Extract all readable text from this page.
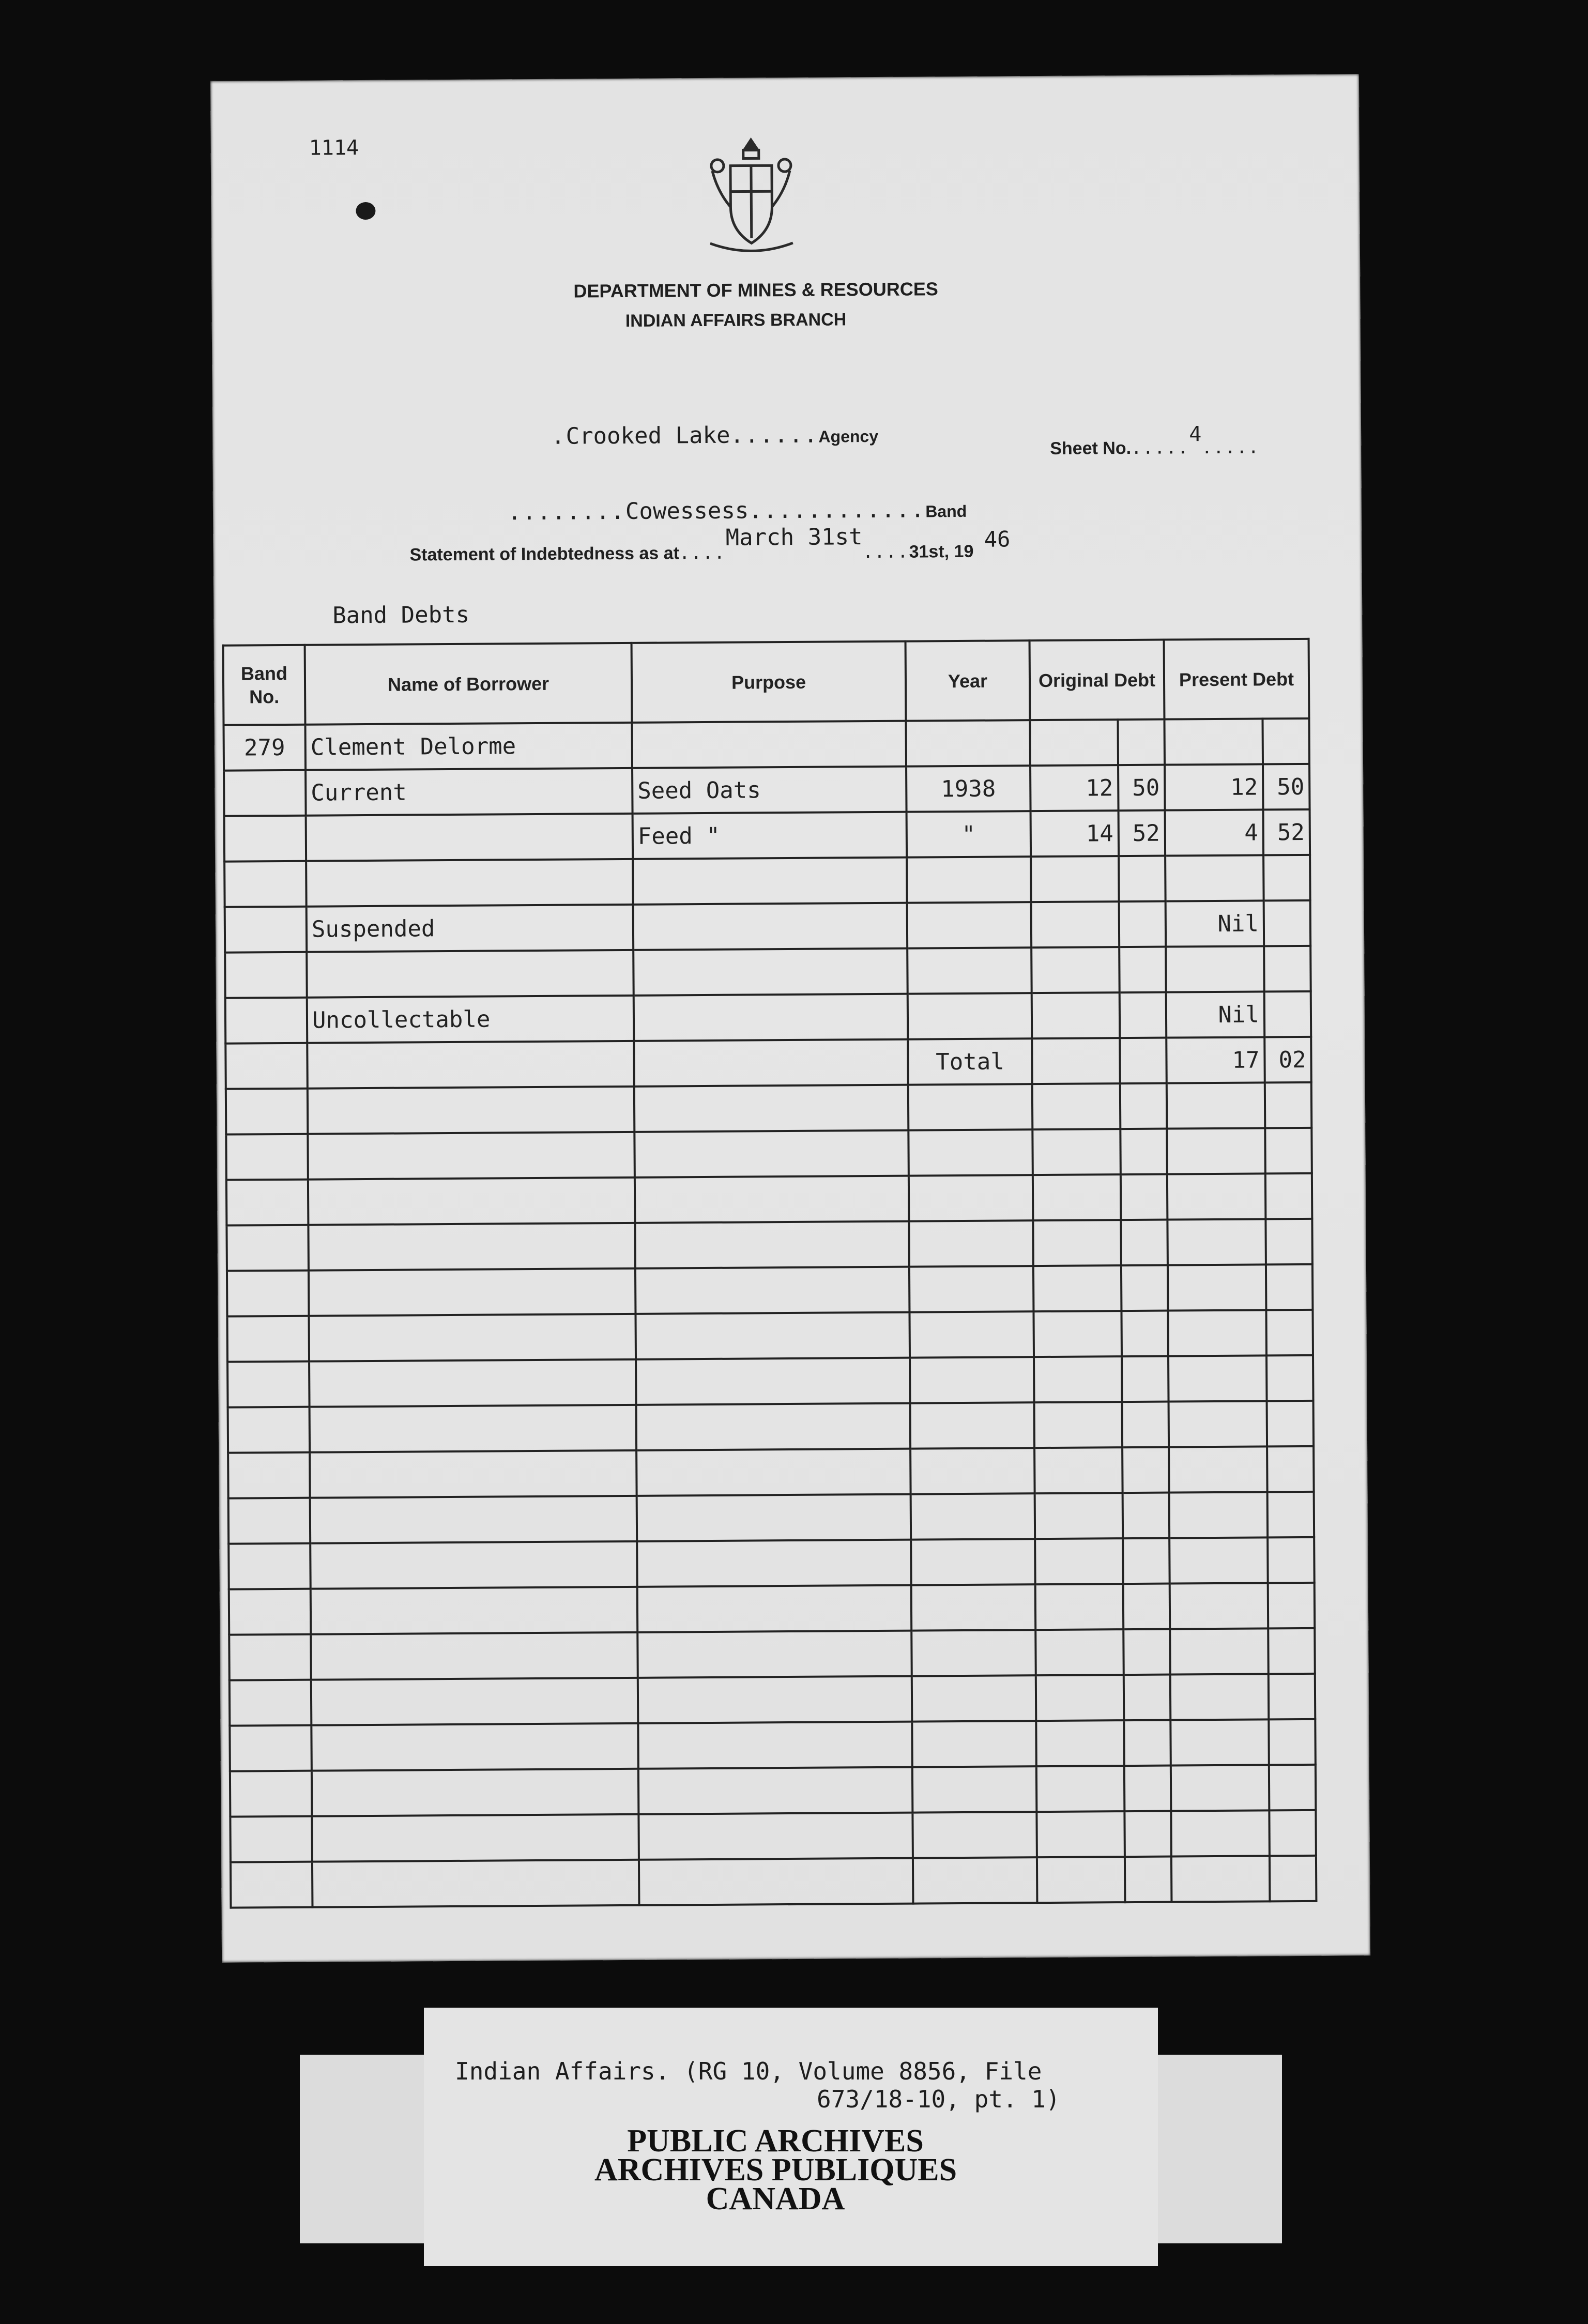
1114
DEPARTMENT OF MINES & RESOURCES
INDIAN AFFAIRS BRANCH
.Crooked Lake......Agency
Sheet No......4.....
........Cowessess............Band
Statement of Indebtedness as at....March 31st....31st, 19 46
Band Debts
Band No.	Name of Borrower	Purpose	Year	Original Debt		Present Debt	
279	Clement Delorme						
	Current	Seed Oats	1938	12	50	12	50
		Feed "	"	14	52	4	52

	Suspended					Nil	

	Uncollectable					Nil	
			Total			17	02

Indian Affairs. (RG 10, Volume 8856, File
673/18-10, pt. 1)
PUBLIC ARCHIVES
ARCHIVES PUBLIQUES
CANADA
